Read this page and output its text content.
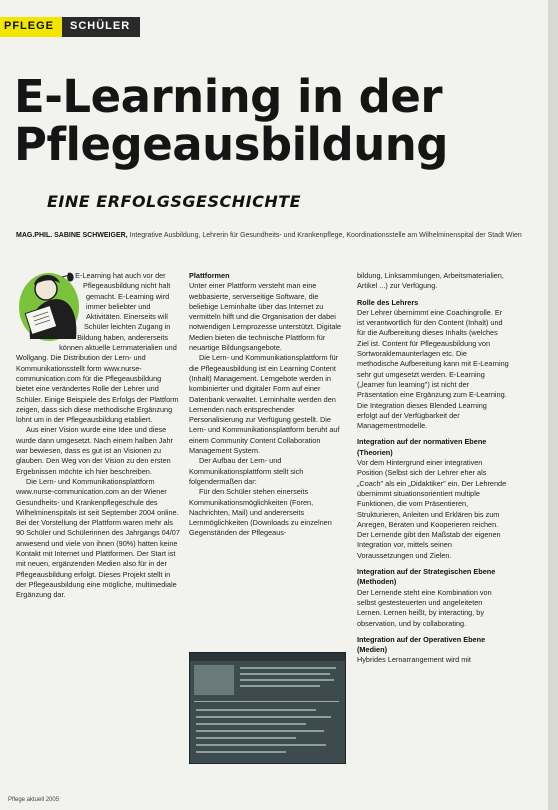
PFLEGE	SCHÜLER
E-Learning in der Pflegeausbildung
EINE ERFOLGSGESCHICHTE
MAG.PHIL. SABINE SCHWEIGER, Integrative Ausbildung, Lehrerin für Gesundheits- und Krankenpflege, Koordinationsstelle am Wilhelminenspital der Stadt Wien

E-Learning hat auch vor der Pflegeausbildung nicht halt gemacht. E-Learning wird immer beliebter und Aktivitäten. Einerseits will Schüler leichten Zugang in Bildung haben, andererseits können aktuelle Lernmaterialien und Wollgang. Die Distribution der Lern- und Kommunikationsstellt form www.nurse-communication.com für die Pflegeausbildung bietet eine verändertes Rolle der Lehrer und Schüler. Einige Beispiele des Erfolgs der Plattform zeigen, dass sich diese methodische Ergänzung lohnt um in der Pflegeausbildung etabliert.

Aus einer Vision wurde eine Idee und diese wurde dann umgesetzt. Nach einem halben Jahr war bewiesen, dass es gut ist an Visionen zu glauben. Den Weg von der Vision zu den ersten Ergebnissen möchte ich hier beschreiben.

Die Lern- und Kommunikationsplattform www.nurse-communication.com an der Wiener Gesundheits- und Krankenpflegeschule des Wilhelminenspitals ist seit September 2004 online. Bei der Vorstellung der Plattform waren mehr als 90 Schüler und Schülerinnen des Jahrgangs 04/07 anwesend und viele von ihnen (90%) hatten keine Kontakt mit Internet und Plattformen. Der Start ist mit neuen, ergänzenden Medien also für in der Pflegeausbildung erfolgt. Dieses Projekt stellt in der Pflegeausbildung eine mögliche, multimediale Ergänzung dar.

Plattformen

Unter einer Plattform versteht man eine webbasierte, serverseitige Software, die beliebige Lerninhalte über das Internet zu vermitteln hilft und die Organisation der dabei notwendigen Lernprozesse unterstützt. Digitale Medien bieten die technische Plattform für neuartige Bildungsangebote.

Die Lern- und Kommunikationsplattform für die Pflegeausbildung ist ein Learning Content (Inhalt) Management. Lerngebote werden in kombinierter und digitaler Form auf einer Datenbank verwaltet. Lerninhalte werden den Lernenden nach entsprechender Personalisierung zur Verfügung gestellt. Die Lern- und Kommunikationsplattform beruht auf einem Community Content Collaboration Management System.

Der Aufbau der Lern- und Kommunikationsplattform stellt sich folgendermaßen dar:

Für den Schüler stehen einerseits Kommunikationsmöglichkeiten (Foren, Nachrichten, Mail) und andererseits Lernmöglichkeiten (Downloads zu einzelnen Gegenständen der Pflegeaus-

bildung, Linksammlungen, Arbeitsmaterialien, Artikel ...) zur Verfügung.

Rolle des Lehrers

Der Lehrer übernimmt eine Coachingrolle. Er ist verantwortlich für den Content (Inhalt) und für die Aufbereitung dieses Inhalts (welches Ziel ist. Content für Pflegeausbildung von Sortworaklemaunterlagen etc. Die methodische Aufbereitung kann mit E-Learning sehr gut umgesetzt werden. E-Learning („learner fun learning") ist nicht der Präsentation eine Ergänzung zum E-Learning. Die Integration dieses Blended Learning erfolgt auf der Verfügbarkeit der Managementmodelle.

Integration auf der normativen Ebene (Theorien)

Vor dem Hintergrund einer integrativen Position (Selbst sich der Lehrer eher als „Coach" als ein „Didaktiker" ein. Der Lehrende übernimmt situationsorientiert multiple Funktionen, die vom Präsentieren, Strukturieren, Anleiten und Erklären bis zum Anregen, Beraten und Kooperieren reichen. Der Lernende gibt den Maßstab der eigenen Integration vor, mittels seinen Voraussetzungen und Zielen.

Integration auf der Strategischen Ebene (Methoden)

Der Lernende steht eine Kombination von selbst gestesteuerten und angeleiteten Lernen. Lernen heißt, by interacting, by observation, und by collaborating.

Integration auf der Operativen Ebene (Medien)

Hybrides Lernarrangement wird mit

Pflege aktuell 2005
